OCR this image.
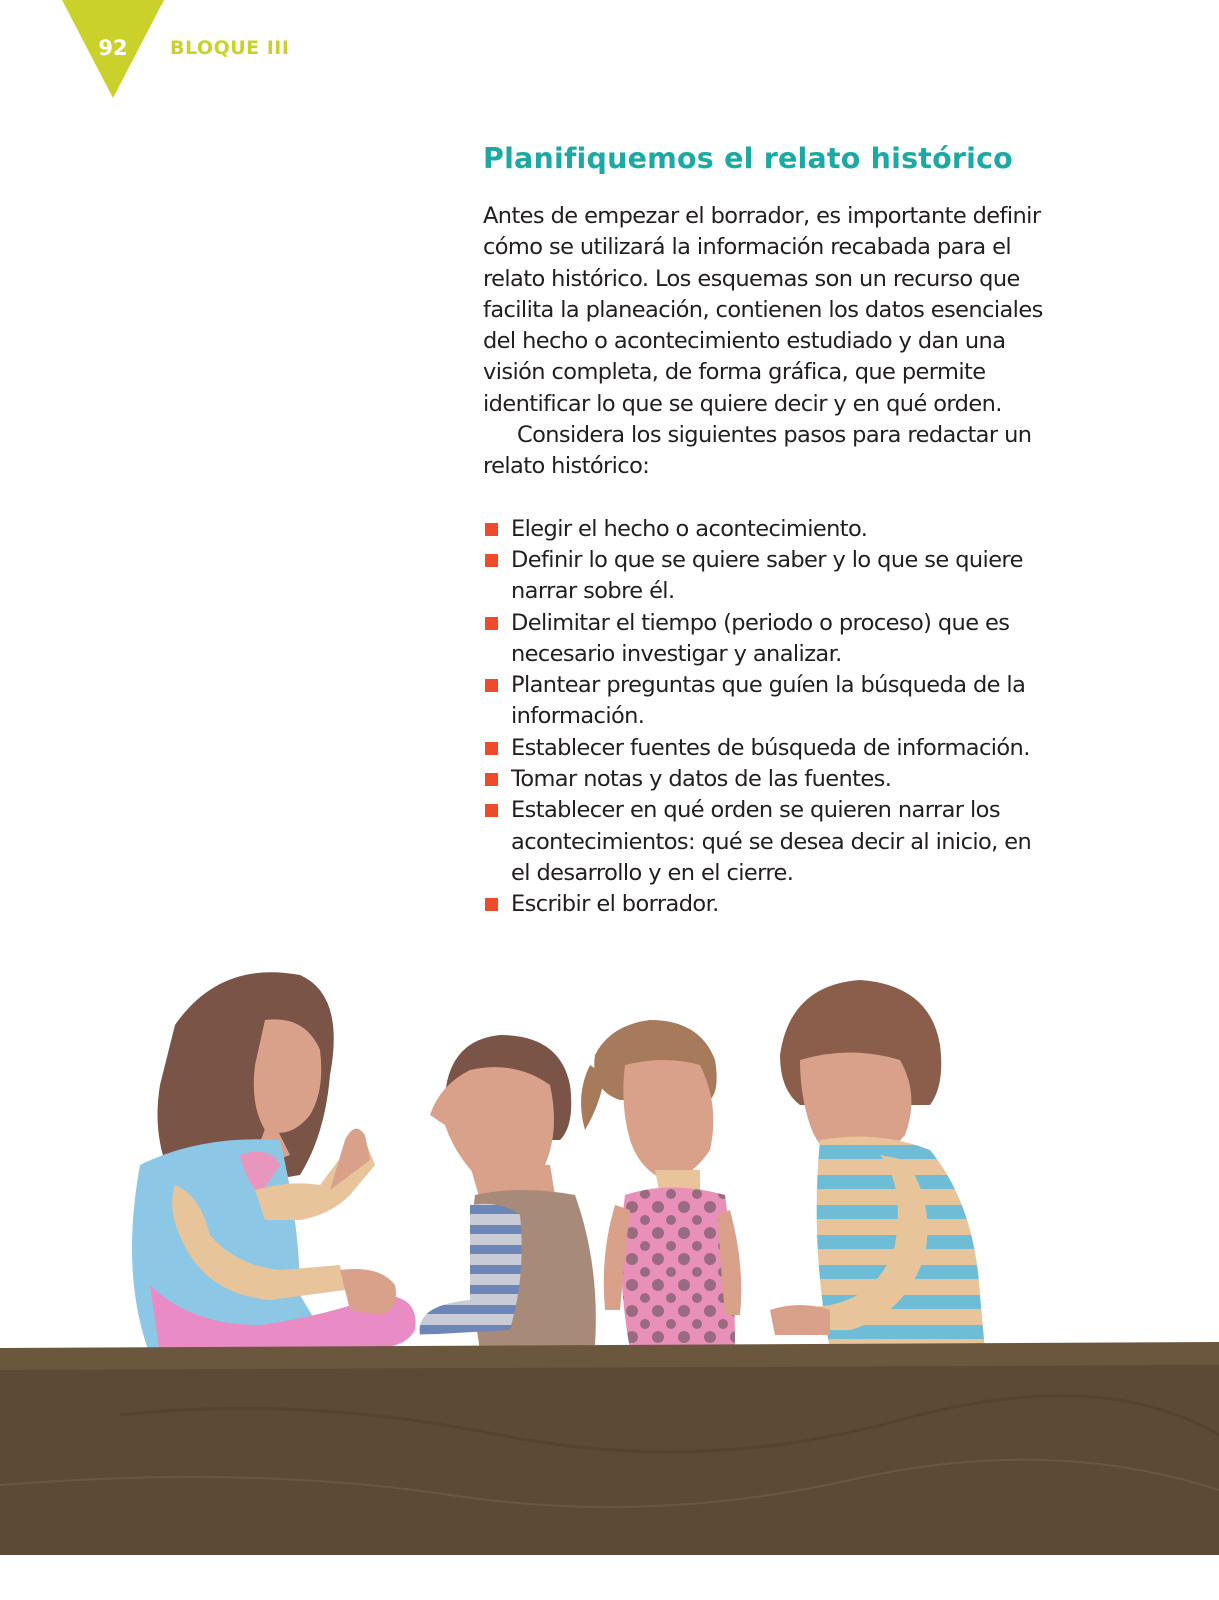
92 BLOQUE III
Planifiquemos el relato histórico

Antes de empezar el borrador, es importante definir cómo se utilizará la información recabada para el relato histórico. Los esquemas son un recurso que facilita la planeación, contienen los datos esenciales del hecho o acontecimiento estudiado y dan una visión completa, de forma gráfica, que permite identificar lo que se quiere decir y en qué orden.

Considera los siguientes pasos para redactar un relato histórico:

Elegir el hecho o acontecimiento.
Definir lo que se quiere saber y lo que se quiere narrar sobre él.
Delimitar el tiempo (periodo o proceso) que es necesario investigar y analizar.
Plantear preguntas que guíen la búsqueda de la información.
Establecer fuentes de búsqueda de información.
Tomar notas y datos de las fuentes.
Establecer en qué orden se quieren narrar los acontecimientos: qué se desea decir al inicio, en el desarrollo y en el cierre.
Escribir el borrador.
